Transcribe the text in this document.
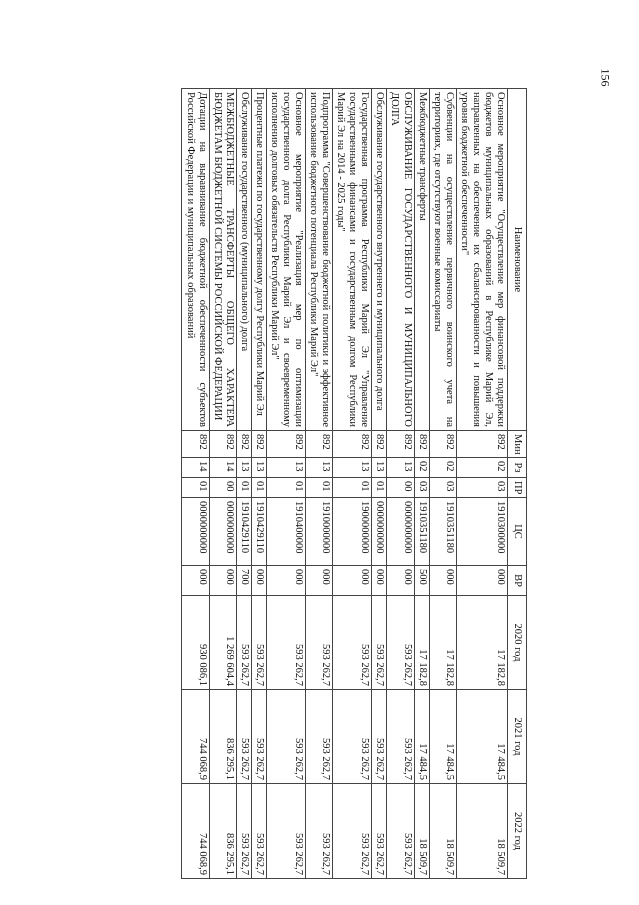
156
Наименование	Мин	Рз	ПР	ЦС	ВР	2020 год	2021 год	2022 год
Основное мероприятие "Осуществление мер финансовой поддержки бюджетов муниципальных образований в Республике Марий Эл, направленных на обеспечение их сбалансированности и повышения уровня бюджетной обеспеченности"	892	02	03	1910300000	000	17 182,8	17 484,5	18 509,7
Субвенции на осуществление первичного воинского учета на территориях, где отсутствуют военные комиссариаты	892	02	03	1910351180	000	17 182,8	17 484,5	18 509,7
Межбюджетные трансферты	892	02	03	1910351180	500	17 182,8	17 484,5	18 509,7
ОБСЛУЖИВАНИЕ ГОСУДАРСТВЕННОГО И МУНИЦИПАЛЬНОГО ДОЛГА	892	13	00	0000000000	000	593 262,7	593 262,7	593 262,7
Обслуживание государственного внутреннего и муниципального долга	892	13	01	0000000000	000	593 262,7	593 262,7	593 262,7
Государственная программа Республики Марий Эл "Управление государственными финансами и государственным долгом Республики Марий Эл на 2014 - 2025 годы"	892	13	01	1900000000	000	593 262,7	593 262,7	593 262,7
Подпрограмма "Совершенствование бюджетной политики и эффективное использование бюджетного потенциала Республики Марий Эл"	892	13	01	1910000000	000	593 262,7	593 262,7	593 262,7
Основное мероприятие "Реализация мер по оптимизации государственного долга Республики Марий Эл и своевременному исполнению долговых обязательств Республики Марий Эл"	892	13	01	1910400000	000	593 262,7	593 262,7	593 262,7
Процентные платежи по государственному долгу Республики Марий Эл	892	13	01	1910429110	000	593 262,7	593 262,7	593 262,7
Обслуживание государственного (муниципального) долга	892	13	01	1910429110	700	593 262,7	593 262,7	593 262,7
МЕЖБЮДЖЕТНЫЕ ТРАНСФЕРТЫ ОБЩЕГО ХАРАКТЕРА БЮДЖЕТАМ БЮДЖЕТНОЙ СИСТЕМЫ РОССИЙСКОЙ ФЕДЕРАЦИИ	892	14	00	0000000000	000	1 269 604,4	836 295,1	836 295,1
Дотации на выравнивание бюджетной обеспеченности субъектов Российской Федерации и муниципальных образований	892	14	01	0000000000	000	930 086,1	744 068,9	744 068,9
